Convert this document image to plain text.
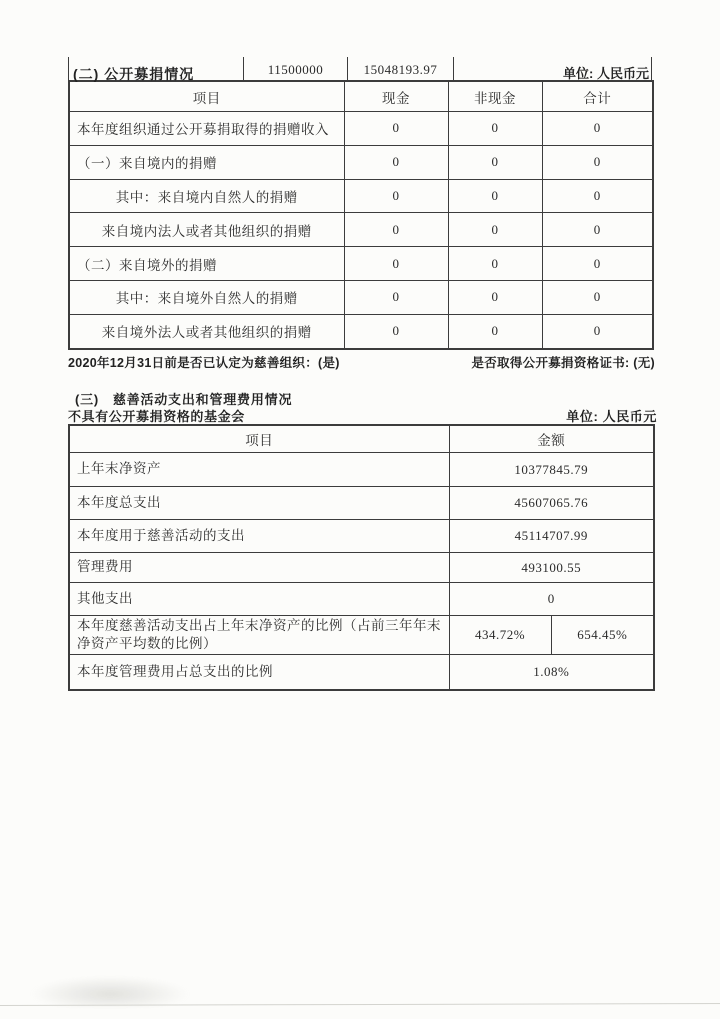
(二) 公开募捐情况	11500000	15048193.97	单位: 人民币元
项目	现金	非现金	合计
本年度组织通过公开募捐取得的捐赠收入	0	0	0
（一）来自境内的捐赠	0	0	0
其中：来自境内自然人的捐赠	0	0	0
来自境内法人或者其他组织的捐赠	0	0	0
（二）来自境外的捐赠	0	0	0
其中：来自境外自然人的捐赠	0	0	0
来自境外法人或者其他组织的捐赠	0	0	0
2020年12月31日前是否已认定为慈善组织：(是)	是否取得公开募捐资格证书: (无)
(三)　慈善活动支出和管理费用情况
不具有公开募捐资格的基金会	单位: 人民币元
项目	金额	
上年末净资产	10377845.79	
本年度总支出	45607065.76	
本年度用于慈善活动的支出	45114707.99	
管理费用	493100.55	
其他支出	0	
本年度慈善活动支出占上年末净资产的比例（占前三年年末净资产平均数的比例）	434.72%	654.45%
本年度管理费用占总支出的比例	1.08%	
